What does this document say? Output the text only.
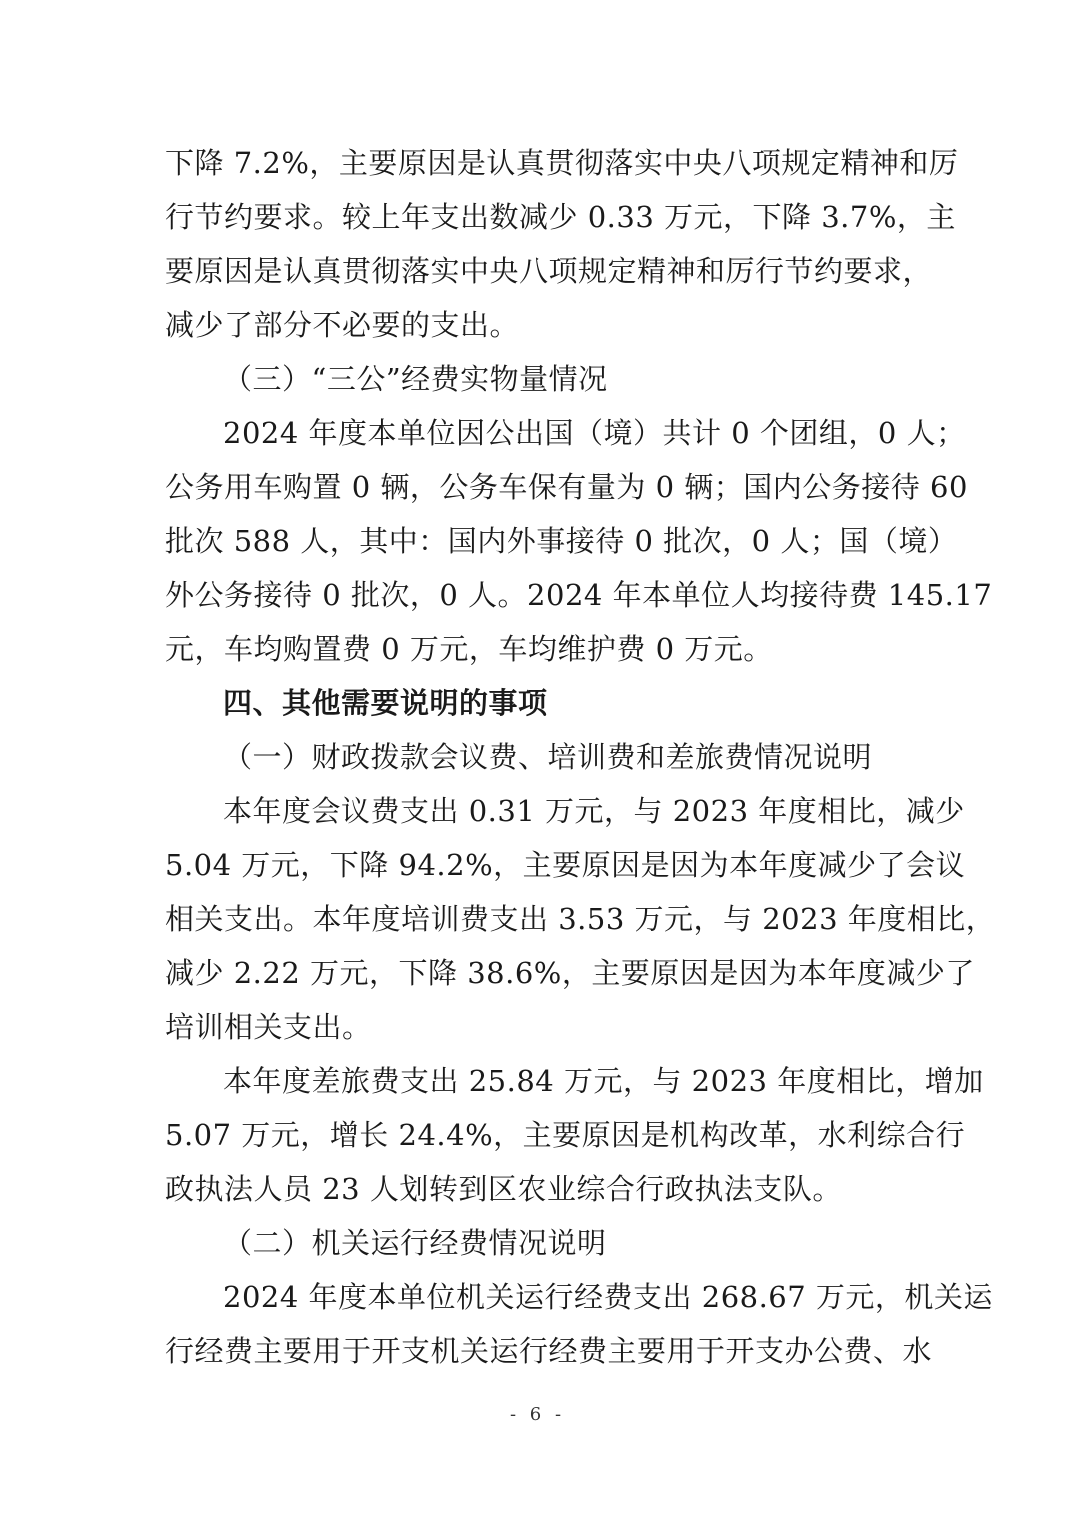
下降 7.2%，主要原因是认真贯彻落实中央八项规定精神和厉
行节约要求。较上年支出数减少 0.33 万元，下降 3.7%，主
要原因是认真贯彻落实中央八项规定精神和厉行节约要求，
减少了部分不必要的支出。
（三）“三公”经费实物量情况
2024 年度本单位因公出国（境）共计 0 个团组，0 人；
公务用车购置 0 辆，公务车保有量为 0 辆；国内公务接待 60
批次 588 人，其中：国内外事接待 0 批次，0 人；国（境）
外公务接待 0 批次，0 人。2024 年本单位人均接待费 145.17
元，车均购置费 0 万元，车均维护费 0 万元。
四、其他需要说明的事项
（一）财政拨款会议费、培训费和差旅费情况说明
本年度会议费支出 0.31 万元，与 2023 年度相比，减少
5.04 万元，下降 94.2%，主要原因是因为本年度减少了会议
相关支出。本年度培训费支出 3.53 万元，与 2023 年度相比，
减少 2.22 万元，下降 38.6%，主要原因是因为本年度减少了
培训相关支出。
本年度差旅费支出 25.84 万元，与 2023 年度相比，增加
5.07 万元，增长 24.4%，主要原因是机构改革，水利综合行
政执法人员 23 人划转到区农业综合行政执法支队。
（二）机关运行经费情况说明
2024 年度本单位机关运行经费支出 268.67 万元，机关运
行经费主要用于开支机关运行经费主要用于开支办公费、水
- 6 -
